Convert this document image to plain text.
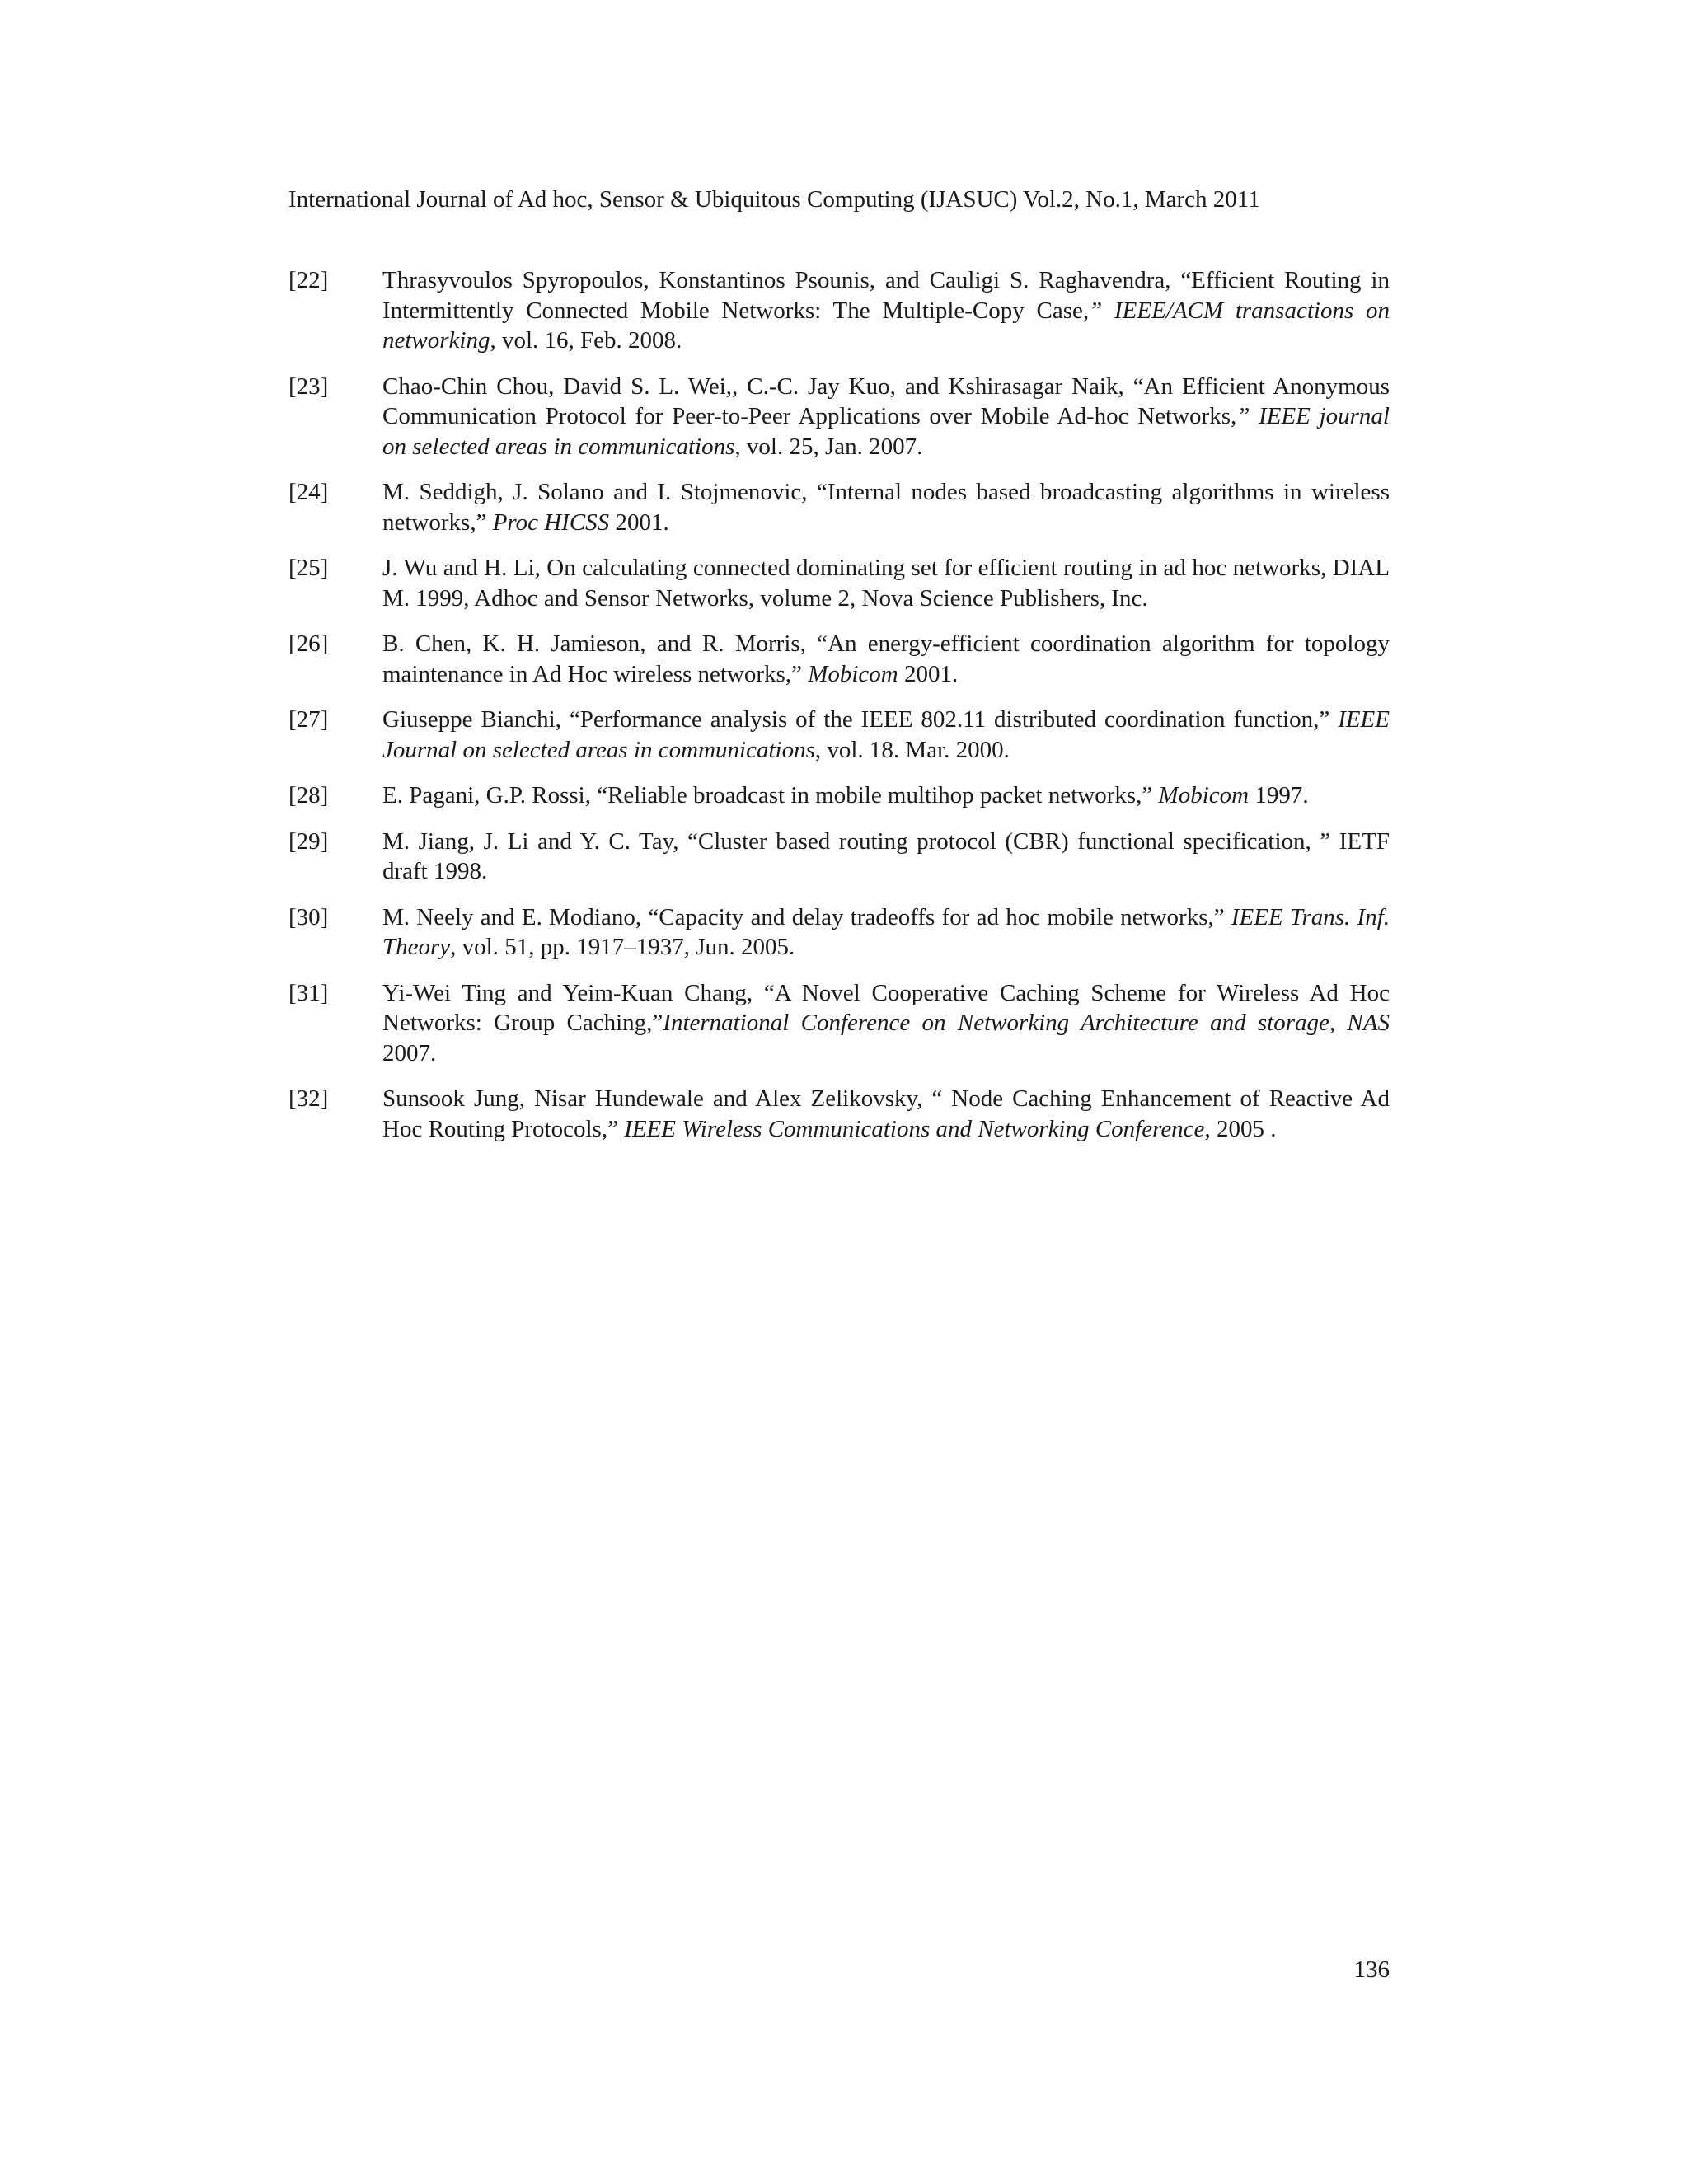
International Journal of Ad hoc, Sensor & Ubiquitous Computing (IJASUC) Vol.2, No.1, March 2011
[22] Thrasyvoulos Spyropoulos, Konstantinos Psounis, and Cauligi S. Raghavendra, “Efficient Routing in Intermittently Connected Mobile Networks: The Multiple-Copy Case,” IEEE/ACM transactions on networking, vol. 16, Feb. 2008.
[23] Chao-Chin Chou, David S. L. Wei,, C.-C. Jay Kuo, and Kshirasagar Naik, “An Efficient Anonymous Communication Protocol for Peer-to-Peer Applications over Mobile Ad-hoc Networks,” IEEE journal on selected areas in communications, vol. 25, Jan. 2007.
[24] M. Seddigh, J. Solano and I. Stojmenovic, “Internal nodes based broadcasting algorithms in wireless networks,” Proc HICSS 2001.
[25] J. Wu and H. Li, On calculating connected dominating set for efficient routing in ad hoc networks, DIAL M. 1999, Adhoc and Sensor Networks, volume 2, Nova Science Publishers, Inc.
[26] B. Chen, K. H. Jamieson, and R. Morris, “An energy-efficient coordination algorithm for topology maintenance in Ad Hoc wireless networks,” Mobicom 2001.
[27] Giuseppe Bianchi, “Performance analysis of the IEEE 802.11 distributed coordination function,” IEEE Journal on selected areas in communications, vol. 18. Mar. 2000.
[28] E. Pagani, G.P. Rossi, “Reliable broadcast in mobile multihop packet networks,” Mobicom 1997.
[29] M. Jiang, J. Li and Y. C. Tay, “Cluster based routing protocol (CBR) functional specification, ” IETF draft 1998.
[30] M. Neely and E. Modiano, “Capacity and delay tradeoffs for ad hoc mobile networks,” IEEE Trans. Inf. Theory, vol. 51, pp. 1917–1937, Jun. 2005.
[31] Yi-Wei Ting and Yeim-Kuan Chang, “A Novel Cooperative Caching Scheme for Wireless Ad Hoc Networks: Group Caching,”International Conference on Networking Architecture and storage, NAS 2007.
[32] Sunsook Jung, Nisar Hundewale and Alex Zelikovsky, “ Node Caching Enhancement of Reactive Ad Hoc Routing Protocols,” IEEE Wireless Communications and Networking Conference, 2005 .
136
